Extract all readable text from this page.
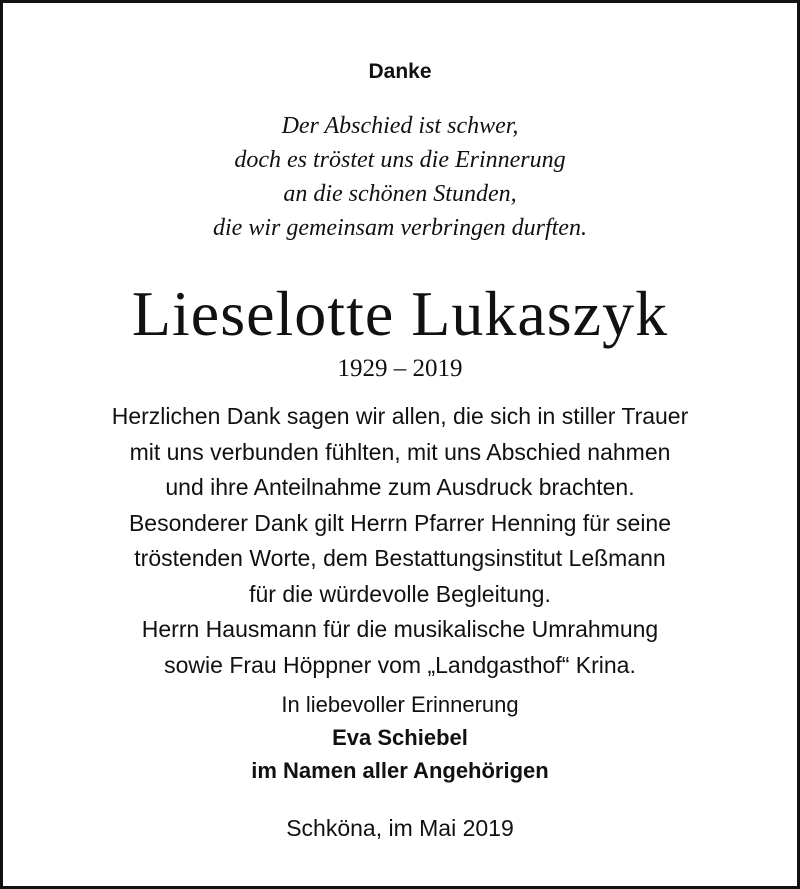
Danke
Der Abschied ist schwer,
doch es tröstet uns die Erinnerung
an die schönen Stunden,
die wir gemeinsam verbringen durften.
Lieselotte Lukaszyk
1929 – 2019
Herzlichen Dank sagen wir allen, die sich in stiller Trauer
mit uns verbunden fühlten, mit uns Abschied nahmen
und ihre Anteilnahme zum Ausdruck brachten.
Besonderer Dank gilt Herrn Pfarrer Henning für seine
tröstenden Worte, dem Bestattungsinstitut Leßmann
für die würdevolle Begleitung.
Herrn Hausmann für die musikalische Umrahmung
sowie Frau Höppner vom „Landgasthof“ Krina.
In liebevoller Erinnerung
Eva Schiebel
im Namen aller Angehörigen
Schköna, im Mai 2019
